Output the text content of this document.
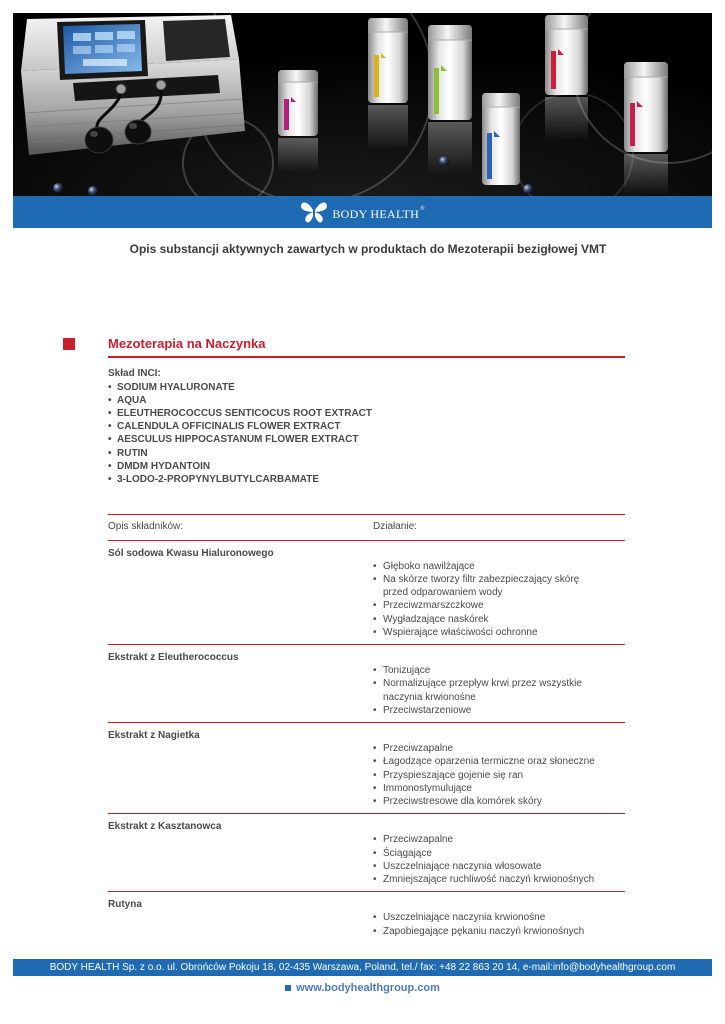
BODY HEALTH ®
Opis substancji aktywnych zawartych w produktach do Mezoterapii bezigłowej VMT
Mezoterapia na Naczynka
Skład INCI:
• SODIUM HYALURONATE
• AQUA
• ELEUTHEROCOCCUS SENTICOCUS ROOT EXTRACT
• CALENDULA OFFICINALIS FLOWER EXTRACT
• AESCULUS HIPPOCASTANUM FLOWER EXTRACT
• RUTIN
• DMDM HYDANTOIN
• 3-LODO-2-PROPYNYLBUTYLCARBAMATE
Opis składników:	Działanie:
Sól sodowa Kwasu Hialuronowego
• Głęboko nawilżające
• Na skórze tworzy filtr zabezpieczający skórę
przed odparowaniem wody
• Przeciwzmarszczkowe
• Wygładzające naskórek
• Wspierające właściwości ochronne
Ekstrakt z Eleutherococcus
• Tonizujące
• Normalizujące przepływ krwi przez wszystkie
naczynia krwionośne
• Przeciwstarzeniowe
Ekstrakt z Nagietka
• Przeciwzapalne
• Łagodzące oparzenia termiczne oraz słoneczne
• Przyspieszające gojenie się ran
• Immonostymulujące
• Przeciwstresowe dla komórek skóry
Ekstrakt z Kasztanowca
• Przeciwzapalne
• Ściągające
• Uszczelniające naczynia włosowate
• Zmniejszające ruchliwość naczyń krwionośnych
Rutyna
• Uszczelniające naczynia krwionośne
• Zapobiegające pękaniu naczyń krwionośnych
BODY HEALTH Sp. z o.o. ul. Obrońców Pokoju 18, 02-435 Warszawa, Poland, tel./ fax: +48 22 863 20 14, e-mail:info@bodyhealthgroup.com
www.bodyhealthgroup.com
